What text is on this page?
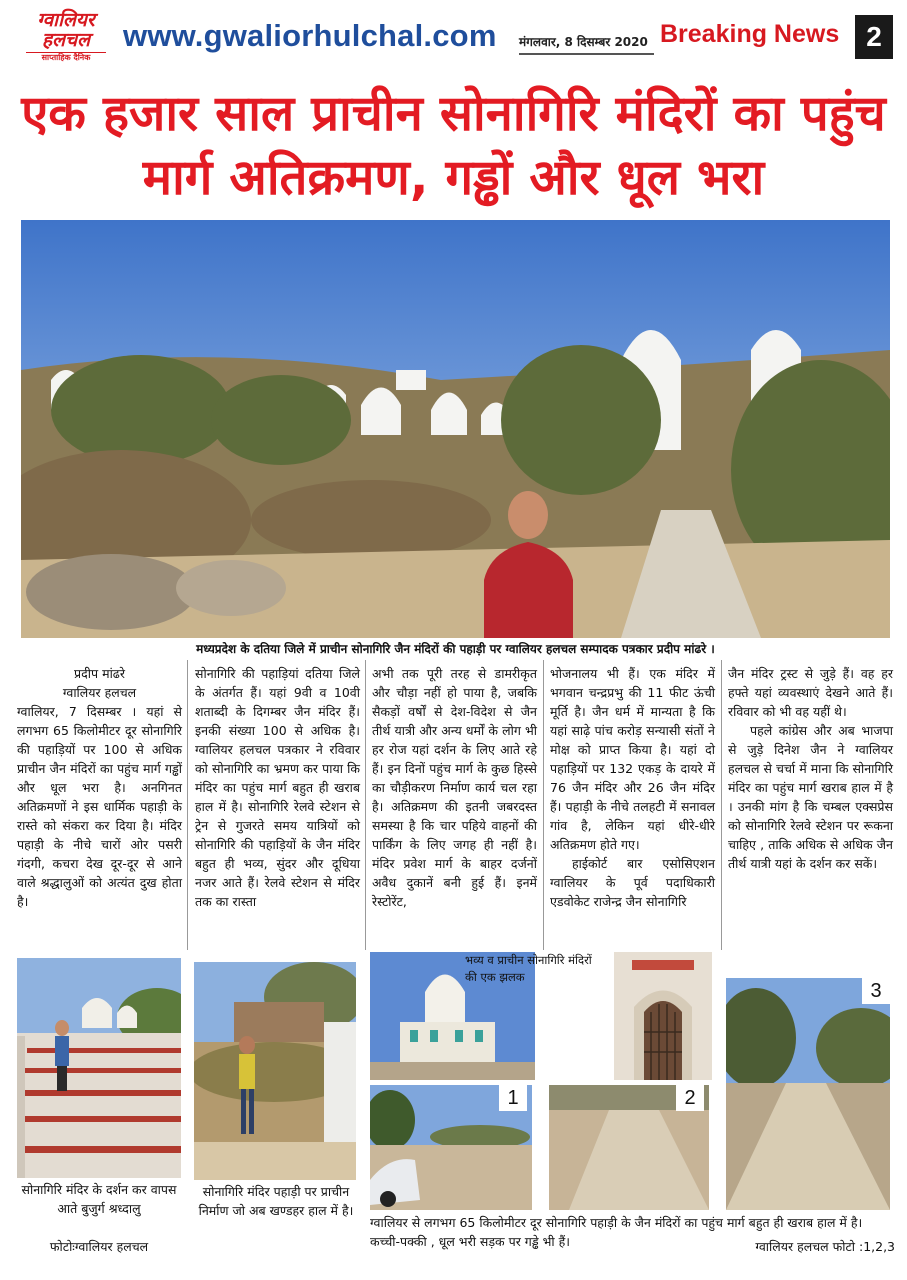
ग्वालियर
हलचल
साप्ताहिक दैनिक
www.gwaliorhulchal.com मंगलवार, 8 दिसम्बर 2020 Breaking News 2
एक हजार साल प्राचीन सोनागिरि मंदिरों का पहुंच मार्ग अतिक्रमण, गड्ढों और धूल भरा
मध्यप्रदेश के दतिया जिले में प्राचीन सोनागिरि जैन मंदिरों की पहाड़ी पर ग्वालियर हलचल सम्पादक पत्रकार प्रदीप मांढरे ।
प्रदीप मांढरे
ग्वालियर हलचल

ग्वालियर, 7 दिसम्बर । यहां से लगभग 65 किलोमीटर दूर सोनागिरि की पहाड़ियों पर 100 से अधिक प्राचीन जैन मंदिरों का पहुंच मार्ग गड्ढों और धूल भरा है। अनगिनत अतिक्रमणों ने इस धार्मिक पहाड़ी के रास्ते को संकरा कर दिया है। मंदिर पहाड़ी के नीचे चारों ओर पसरी गंदगी, कचरा देख दूर-दूर से आने वाले श्रद्धालुओं को अत्यंत दुख होता है।

सोनागिरि की पहाड़ियां दतिया जिले के अंतर्गत हैं। यहां 9वी व 10वी शताब्दी के दिगम्बर जैन मंदिर हैं। इनकी संख्या 100 से अधिक है। ग्वालियर हलचल पत्रकार ने रविवार को सोनागिरि का भ्रमण कर पाया कि मंदिर का पहुंच मार्ग बहुत ही खराब हाल में है। सोनागिरि रेलवे स्टेशन से ट्रेन से गुजरते समय यात्रियों को सोनागिरि की पहाड़ियों के जैन मंदिर बहुत ही भव्य, सुंदर और दूधिया नजर आते हैं। रेलवे स्टेशन से मंदिर तक का रास्ता

अभी तक पूरी तरह से डामरीकृत और चौड़ा नहीं हो पाया है, जबकि सैकड़ों वर्षों से देश-विदेश से जैन तीर्थ यात्री और अन्य धर्मों के लोग भी हर रोज यहां दर्शन के लिए आते रहे हैं। इन दिनों पहुंच मार्ग के कुछ हिस्से का चौड़ीकरण निर्माण कार्य चल रहा है। अतिक्रमण की इतनी जबरदस्त समस्या है कि चार पहिये वाहनों की पार्किंग के लिए जगह ही नहीं है। मंदिर प्रवेश मार्ग के बाहर दर्जनों अवैध दुकानें बनी हुई हैं। इनमें रेस्टोरेंट,

भोजनालय भी हैं। एक मंदिर में भगवान चन्द्रप्रभु की 11 फीट ऊंची मूर्ति है। जैन धर्म में मान्यता है कि यहां साढ़े पांच करोड़ सन्यासी संतों ने मोक्ष को प्राप्त किया है। यहां दो पहाड़ियों पर 132 एकड़ के दायरे में 76 जैन मंदिर और 26 जैन मंदिर हैं। पहाड़ी के नीचे तलहटी में सनावल गांव है, लेकिन यहां धीरे-धीरे अतिक्रमण होते गए।

हाईकोर्ट बार एसोसिएशन ग्वालियर के पूर्व पदाधिकारी एडवोकेट राजेन्द्र जैन सोनागिरि

जैन मंदिर ट्रस्ट से जुड़े हैं। वह हर हफ्ते यहां व्यवस्थाएं देखने आते हैं। रविवार को भी वह यहीं थे।

पहले कांग्रेस और अब भाजपा से जुड़े दिनेश जैन ने ग्वालियर हलचल से चर्चा में माना कि सोनागिरि मंदिर का पहुंच मार्ग खराब हाल में है । उनकी मांग है कि चम्बल एक्सप्रेस को सोनागिरि रेलवे स्टेशन पर रूकना चाहिए , ताकि अधिक से अधिक जैन तीर्थ यात्री यहां के दर्शन कर सकें।

सोनागिरि मंदिर के दर्शन कर वापस आते बुजुर्ग श्रध्दालु
फोटोःग्वालियर हलचल
सोनागिरि मंदिर पहाड़ी पर प्राचीन निर्माण जो अब खण्डहर हाल में है।
भव्य व प्राचीन सोनागिरि मंदिरों की एक झलक
1	2
3
ग्वालियर से लगभग 65 किलोमीटर दूर सोनागिरि पहाड़ी के जैन मंदिरों का पहुंच मार्ग बहुत ही खराब हाल में है। कच्ची-पक्की , धूल भरी सड़क पर गड्ढे भी हैं।	ग्वालियर हलचल फोटो :1,2,3
